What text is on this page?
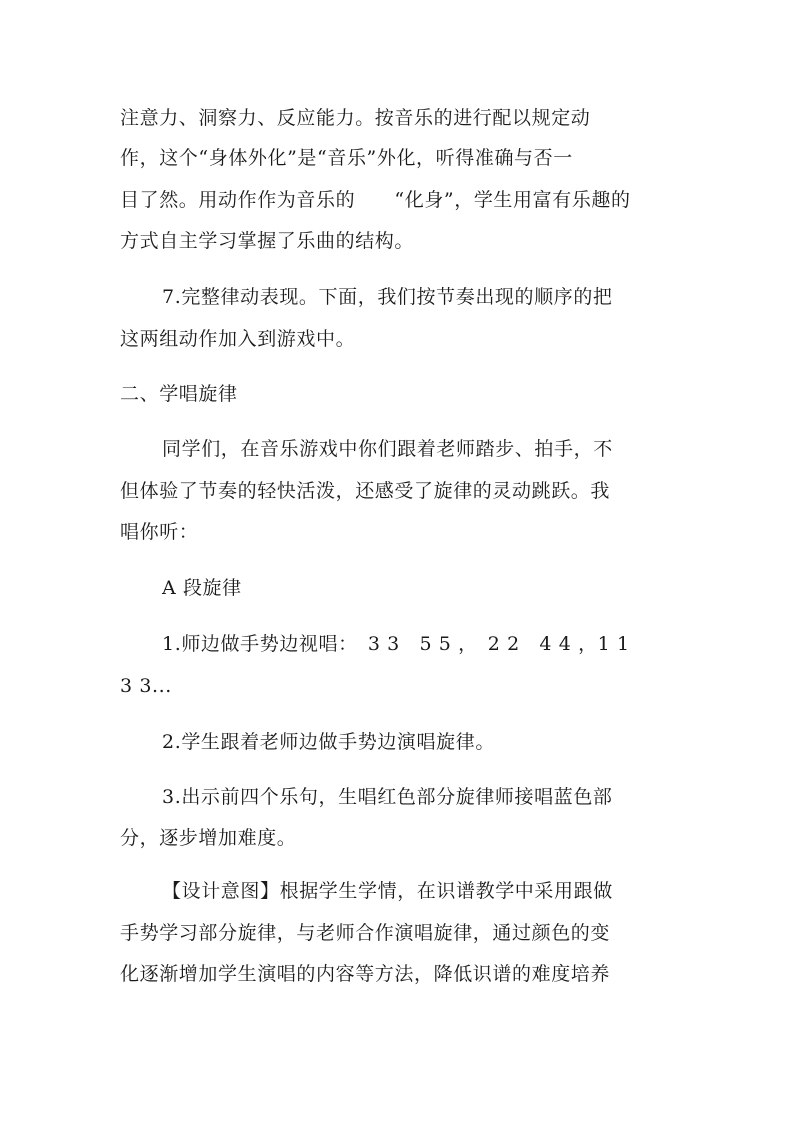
注意力、洞察力、反应能力。按音乐的进行配以规定动
作，这个“身体外化”是“音乐”外化，听得准确与否一
目了然。用动作作为音乐的　　“化身”，学生用富有乐趣的
方式自主学习掌握了乐曲的结构。
7.完整律动表现。下面，我们按节奏出现的顺序的把
这两组动作加入到游戏中。
二、学唱旋律
同学们，在音乐游戏中你们跟着老师踏步、拍手，不
但体验了节奏的轻快活泼，还感受了旋律的灵动跳跃。我
唱你听：
A 段旋律
1.师边做手势边视唱：　3 3　5 5 ，　2 2　4 4 ，1 1
3 3...
2.学生跟着老师边做手势边演唱旋律。
3.出示前四个乐句，生唱红色部分旋律师接唱蓝色部
分，逐步增加难度。
【设计意图】根据学生学情，在识谱教学中采用跟做
手势学习部分旋律，与老师合作演唱旋律，通过颜色的变
化逐渐增加学生演唱的内容等方法，降低识谱的难度培养
